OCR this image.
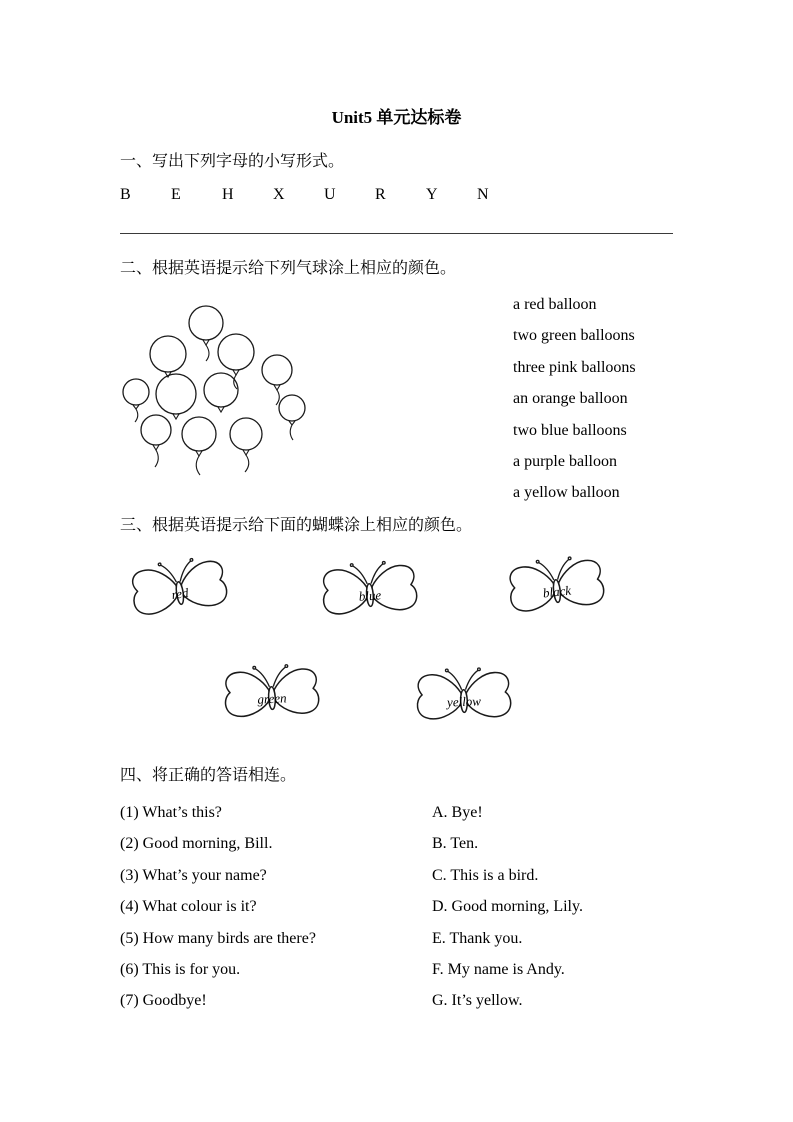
Unit5 单元达标卷
一、写出下列字母的小写形式。
B	E	H	X	U	R	Y	N
二、根据英语提示给下列气球涂上相应的颜色。
a red balloon
two green balloons
three pink balloons
an orange balloon
two blue balloons
a purple balloon
a yellow balloon
三、根据英语提示给下面的蝴蝶涂上相应的颜色。
red	blue	black
green	yellow
四、将正确的答语相连。
(1) What’s this?
(2) Good morning, Bill.
(3) What’s your name?
(4) What colour is it?
(5) How many birds are there?
(6) This is for you.
(7) Goodbye!
A. Bye!
B. Ten.
C. This is a bird.
D. Good morning, Lily.
E. Thank you.
F. My name is Andy.
G. It’s yellow.
